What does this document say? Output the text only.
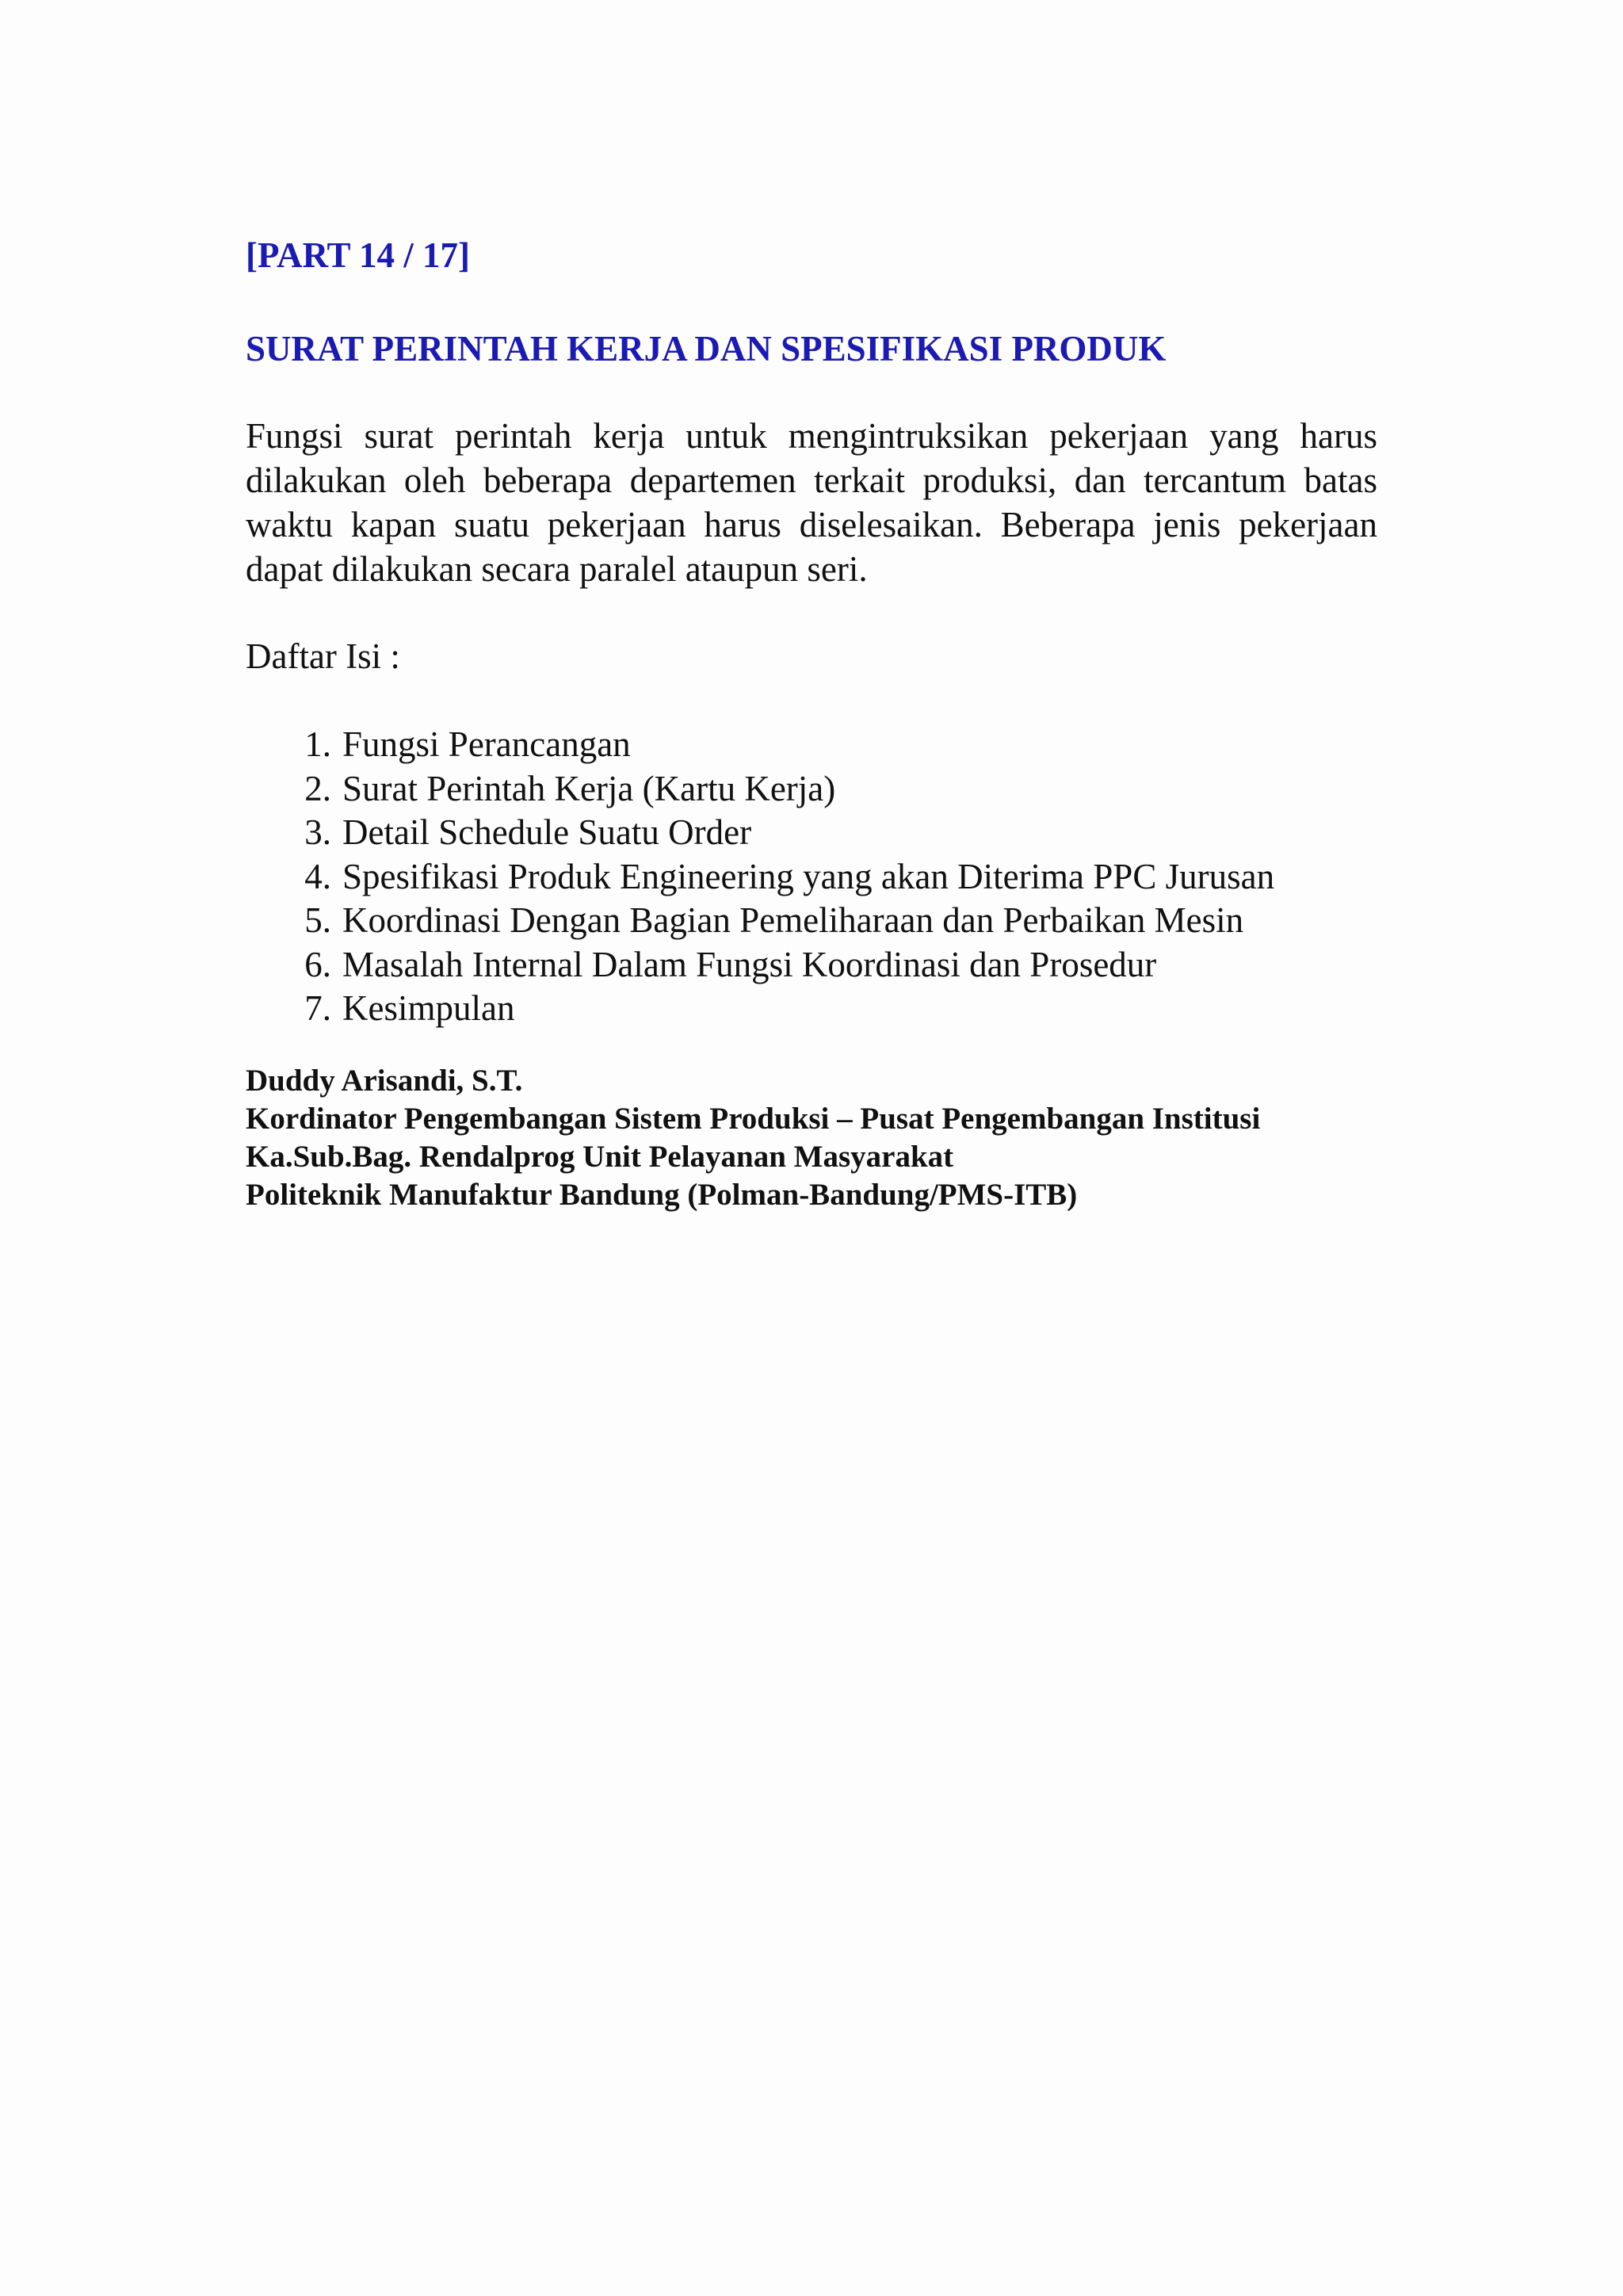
[PART 14 / 17]
SURAT PERINTAH KERJA DAN SPESIFIKASI PRODUK

Fungsi surat perintah kerja untuk mengintruksikan pekerjaan yang harus dilakukan oleh beberapa departemen terkait produksi, dan tercantum batas waktu kapan suatu pekerjaan harus diselesaikan. Beberapa jenis pekerjaan dapat dilakukan secara paralel ataupun seri.

Daftar Isi :

1. Fungsi Perancangan
2. Surat Perintah Kerja (Kartu Kerja)
3. Detail Schedule Suatu Order
4. Spesifikasi Produk Engineering yang akan Diterima PPC Jurusan
5. Koordinasi Dengan Bagian Pemeliharaan dan Perbaikan Mesin
6. Masalah Internal Dalam Fungsi Koordinasi dan Prosedur
7. Kesimpulan
Duddy Arisandi, S.T.
Kordinator Pengembangan Sistem Produksi – Pusat Pengembangan Institusi
Ka.Sub.Bag. Rendalprog Unit Pelayanan Masyarakat
Politeknik Manufaktur Bandung (Polman-Bandung/PMS-ITB)
